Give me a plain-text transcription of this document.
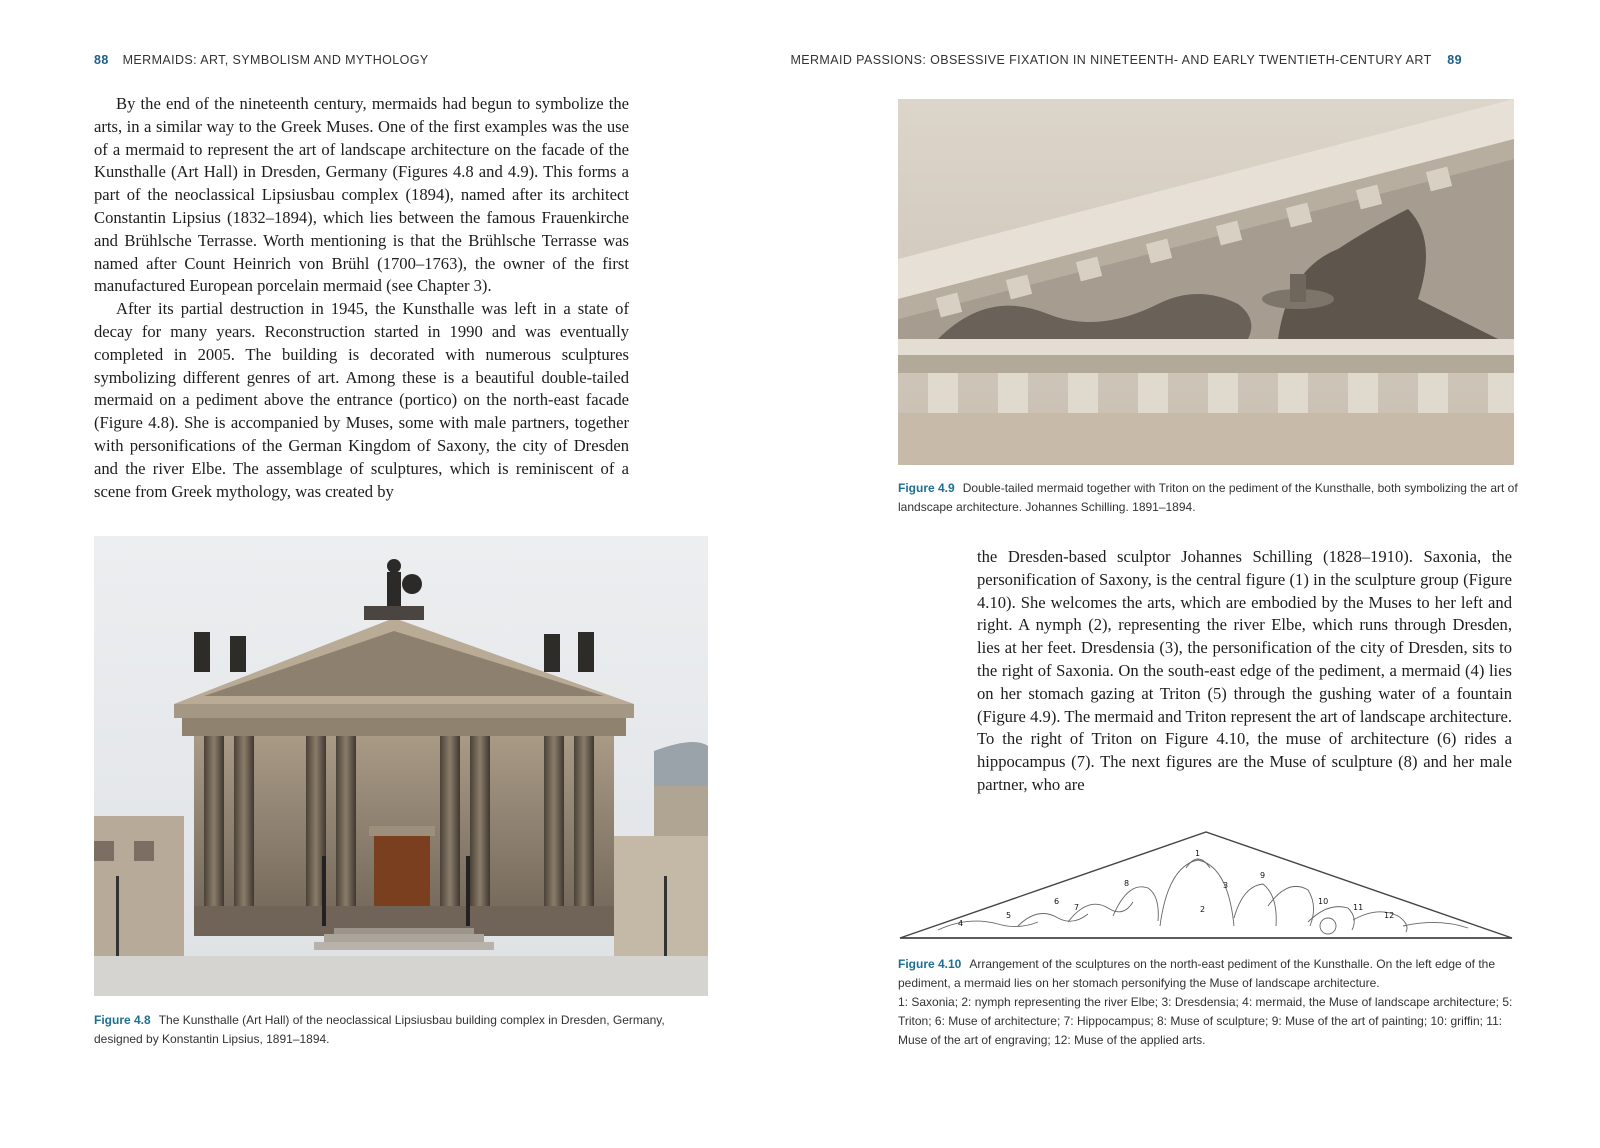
88 MERMAIDS: ART, SYMBOLISM AND MYTHOLOGY

By the end of the nineteenth century, mermaids had begun to symbolize the arts, in a similar way to the Greek Muses. One of the first examples was the use of a mermaid to represent the art of landscape architecture on the facade of the Kunsthalle (Art Hall) in Dresden, Germany (Figures 4.8 and 4.9). This forms a part of the neoclassical Lipsiusbau complex (1894), named after its architect Constantin Lipsius (1832–1894), which lies between the famous Frauenkirche and Brühlsche Terrasse. Worth mentioning is that the Brühlsche Terrasse was named after Count Heinrich von Brühl (1700–1763), the owner of the first manufactured European porcelain mermaid (see Chapter 3).

After its partial destruction in 1945, the Kunsthalle was left in a state of decay for many years. Reconstruction started in 1990 and was eventually completed in 2005. The building is decorated with numerous sculptures symbolizing different genres of art. Among these is a beautiful double-tailed mermaid on a pediment above the entrance (portico) on the north-east facade (Figure 4.8). She is accompanied by Muses, some with male partners, together with personifications of the German Kingdom of Saxony, the city of Dresden and the river Elbe. The assemblage of sculptures, which is reminiscent of a scene from Greek mythology, was created by

Figure 4.8 The Kunsthalle (Art Hall) of the neoclassical Lipsiusbau building complex in Dresden, Germany, designed by Konstantin Lipsius, 1891–1894.
MERMAID PASSIONS: OBSESSIVE FIXATION IN NINETEENTH- AND EARLY TWENTIETH-CENTURY ART 89
Figure 4.9 Double-tailed mermaid together with Triton on the pediment of the Kunsthalle, both symbolizing the art of landscape architecture. Johannes Schilling. 1891–1894.

the Dresden-based sculptor Johannes Schilling (1828–1910). Saxonia, the personification of Saxony, is the central figure (1) in the sculpture group (Figure 4.10). She welcomes the arts, which are embodied by the Muses to her left and right. A nymph (2), representing the river Elbe, which runs through Dresden, lies at her feet. Dresdensia (3), the personification of the city of Dresden, sits to the right of Saxonia. On the south-east edge of the pediment, a mermaid (4) lies on her stomach gazing at Triton (5) through the gushing water of a fountain (Figure 4.9). The mermaid and Triton represent the art of landscape architecture. To the right of Triton on Figure 4.10, the muse of architecture (6) rides a hippocampus (7). The next figures are the Muse of sculpture (8) and her male partner, who are

1
2
3
4
5
6
7
8
9
10
11
12
Figure 4.10 Arrangement of the sculptures on the north-east pediment of the Kunsthalle. On the left edge of the pediment, a mermaid lies on her stomach personifying the Muse of landscape architecture.
1: Saxonia; 2: nymph representing the river Elbe; 3: Dresdensia; 4: mermaid, the Muse of landscape architecture; 5: Triton; 6: Muse of architecture; 7: Hippocampus; 8: Muse of sculpture; 9: Muse of the art of painting; 10: griffin; 11: Muse of the art of engraving; 12: Muse of the applied arts.
